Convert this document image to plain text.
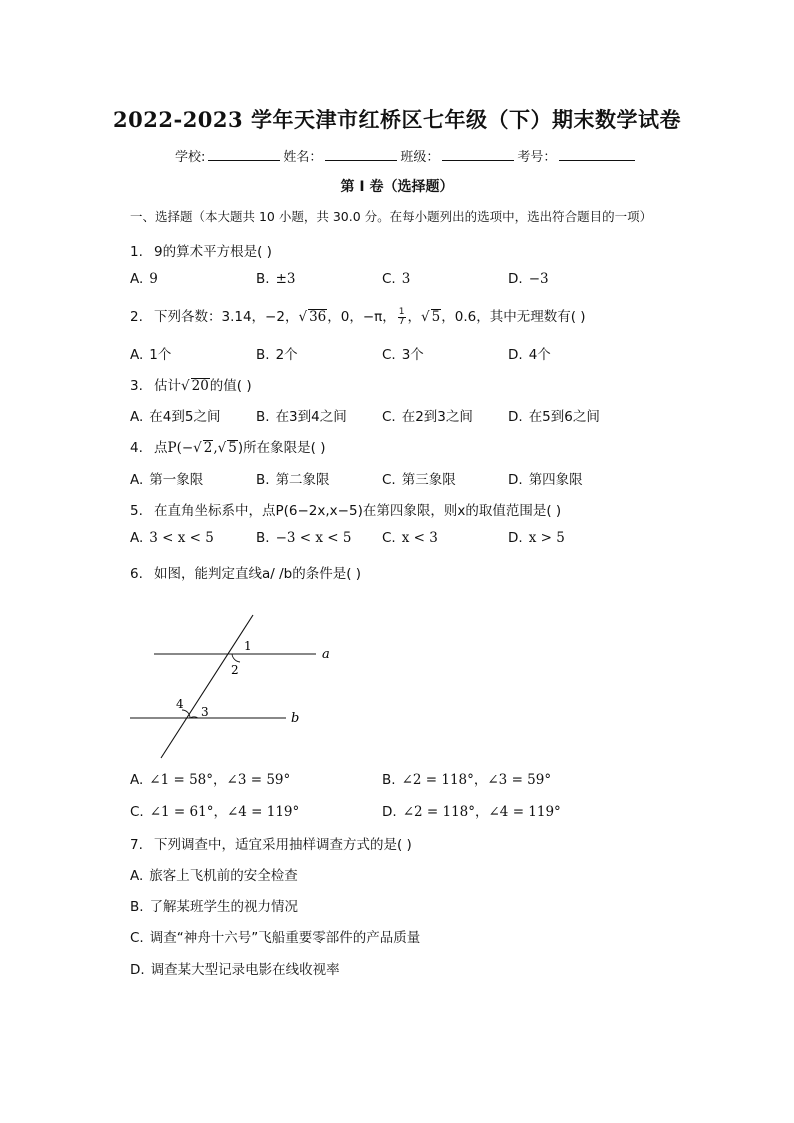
2022-2023 学年天津市红桥区七年级（下）期末数学试卷
学校:	姓名：	班级：	考号：
第 I 卷（选择题）
一、选择题（本大题共 10 小题，共 30.0 分。在每小题列出的选项中，选出符合题目的一项）
1. 9的算术平方根是( )
A. 9	B. ±3	C. 3	D. −3
2. 下列各数：3.14，−2，√ 36，0，−π， $\frac{1}{7}$ ，√ 5，0.6，其中无理数有( )
A. 1个	B. 2个	C. 3个	D. 4个
3. 估计√ 20的值( )
A. 在4到5之间	B. 在3到4之间	C. 在2到3之间	D. 在5到6之间
4. 点P(−√ 2,√ 5)所在象限是( )
A. 第一象限	B. 第二象限	C. 第三象限	D. 第四象限
5. 在直角坐标系中，点P(6−2x,x−5)在第四象限，则x的取值范围是( )
A. 3 < x < 5	B. −3 < x < 5 C. x < 3	D. x > 5
6. 如图，能判定直线a/ /b的条件是( )
1
2
3
4
a
b
A. ∠1 = 58°，∠3 = 59°	B. ∠2 = 118°，∠3 = 59°
C. ∠1 = 61°，∠4 = 119°	D. ∠2 = 118°，∠4 = 119°
7. 下列调查中，适宜采用抽样调查方式的是( )
A. 旅客上飞机前的安全检查
B. 了解某班学生的视力情况
C. 调查“神舟十六号”飞船重要零部件的产品质量
D. 调查某大型记录电影在线收视率
